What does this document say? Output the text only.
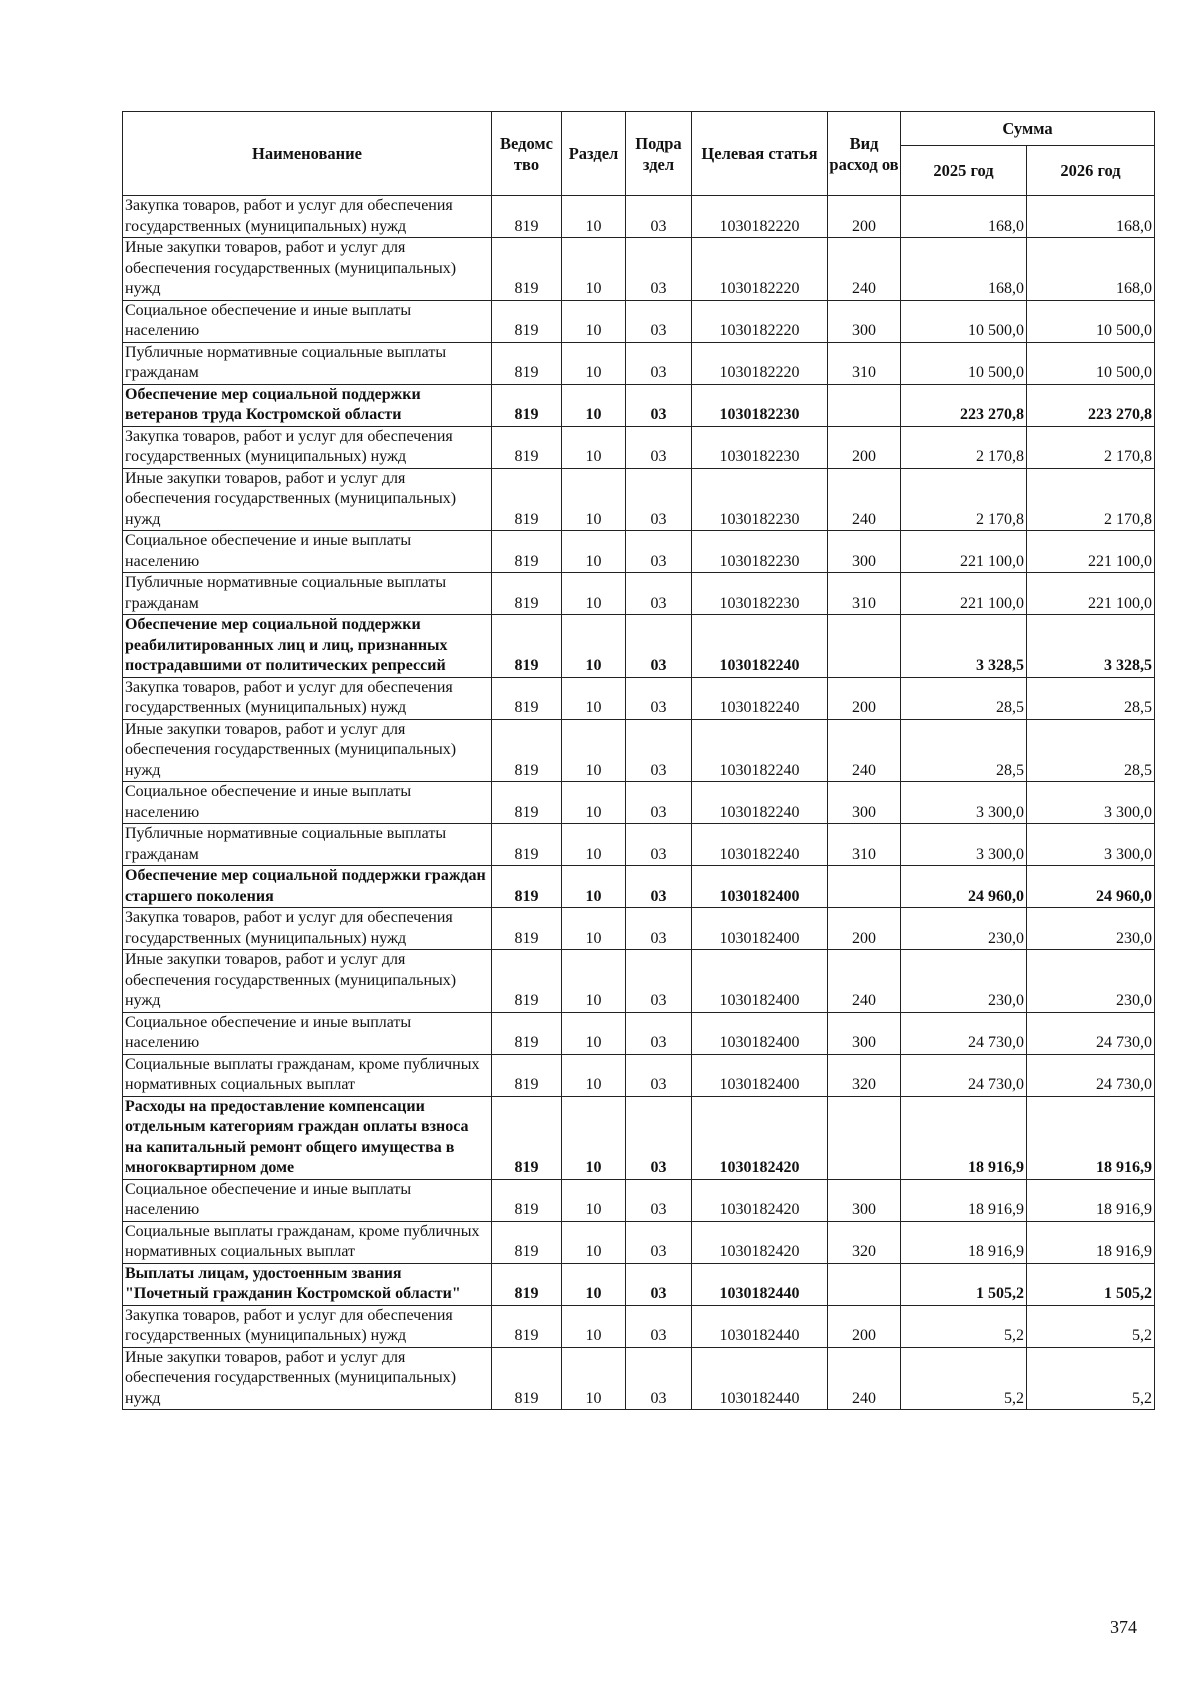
Наименование	Ведомс тво	Раздел	Подра здел	Целевая статья	Вид расход ов	Сумма	
						2025 год	2026 год
Закупка товаров, работ и услуг для обеспечения государственных (муниципальных) нужд	819	10	03	1030182220	200	168,0	168,0
Иные закупки товаров, работ и услуг для обеспечения государственных (муниципальных) нужд	819	10	03	1030182220	240	168,0	168,0
Социальное обеспечение и иные выплаты населению	819	10	03	1030182220	300	10 500,0	10 500,0
Публичные нормативные социальные выплаты гражданам	819	10	03	1030182220	310	10 500,0	10 500,0
Обеспечение мер социальной поддержки ветеранов труда Костромской области	819	10	03	1030182230		223 270,8	223 270,8
Закупка товаров, работ и услуг для обеспечения государственных (муниципальных) нужд	819	10	03	1030182230	200	2 170,8	2 170,8
Иные закупки товаров, работ и услуг для обеспечения государственных (муниципальных) нужд	819	10	03	1030182230	240	2 170,8	2 170,8
Социальное обеспечение и иные выплаты населению	819	10	03	1030182230	300	221 100,0	221 100,0
Публичные нормативные социальные выплаты гражданам	819	10	03	1030182230	310	221 100,0	221 100,0
Обеспечение мер социальной поддержки реабилитированных лиц и лиц, признанных пострадавшими от политических репрессий	819	10	03	1030182240		3 328,5	3 328,5
Закупка товаров, работ и услуг для обеспечения государственных (муниципальных) нужд	819	10	03	1030182240	200	28,5	28,5
Иные закупки товаров, работ и услуг для обеспечения государственных (муниципальных) нужд	819	10	03	1030182240	240	28,5	28,5
Социальное обеспечение и иные выплаты населению	819	10	03	1030182240	300	3 300,0	3 300,0
Публичные нормативные социальные выплаты гражданам	819	10	03	1030182240	310	3 300,0	3 300,0
Обеспечение мер социальной поддержки граждан старшего поколения	819	10	03	1030182400		24 960,0	24 960,0
Закупка товаров, работ и услуг для обеспечения государственных (муниципальных) нужд	819	10	03	1030182400	200	230,0	230,0
Иные закупки товаров, работ и услуг для обеспечения государственных (муниципальных) нужд	819	10	03	1030182400	240	230,0	230,0
Социальное обеспечение и иные выплаты населению	819	10	03	1030182400	300	24 730,0	24 730,0
Социальные выплаты гражданам, кроме публичных нормативных социальных выплат	819	10	03	1030182400	320	24 730,0	24 730,0
Расходы на предоставление компенсации отдельным категориям граждан оплаты взноса на капитальный ремонт общего имущества в многоквартирном доме	819	10	03	1030182420		18 916,9	18 916,9
Социальное обеспечение и иные выплаты населению	819	10	03	1030182420	300	18 916,9	18 916,9
Социальные выплаты гражданам, кроме публичных нормативных социальных выплат	819	10	03	1030182420	320	18 916,9	18 916,9
Выплаты лицам, удостоенным звания "Почетный гражданин Костромской области"	819	10	03	1030182440		1 505,2	1 505,2
Закупка товаров, работ и услуг для обеспечения государственных (муниципальных) нужд	819	10	03	1030182440	200	5,2	5,2
Иные закупки товаров, работ и услуг для обеспечения государственных (муниципальных) нужд	819	10	03	1030182440	240	5,2	5,2
374
